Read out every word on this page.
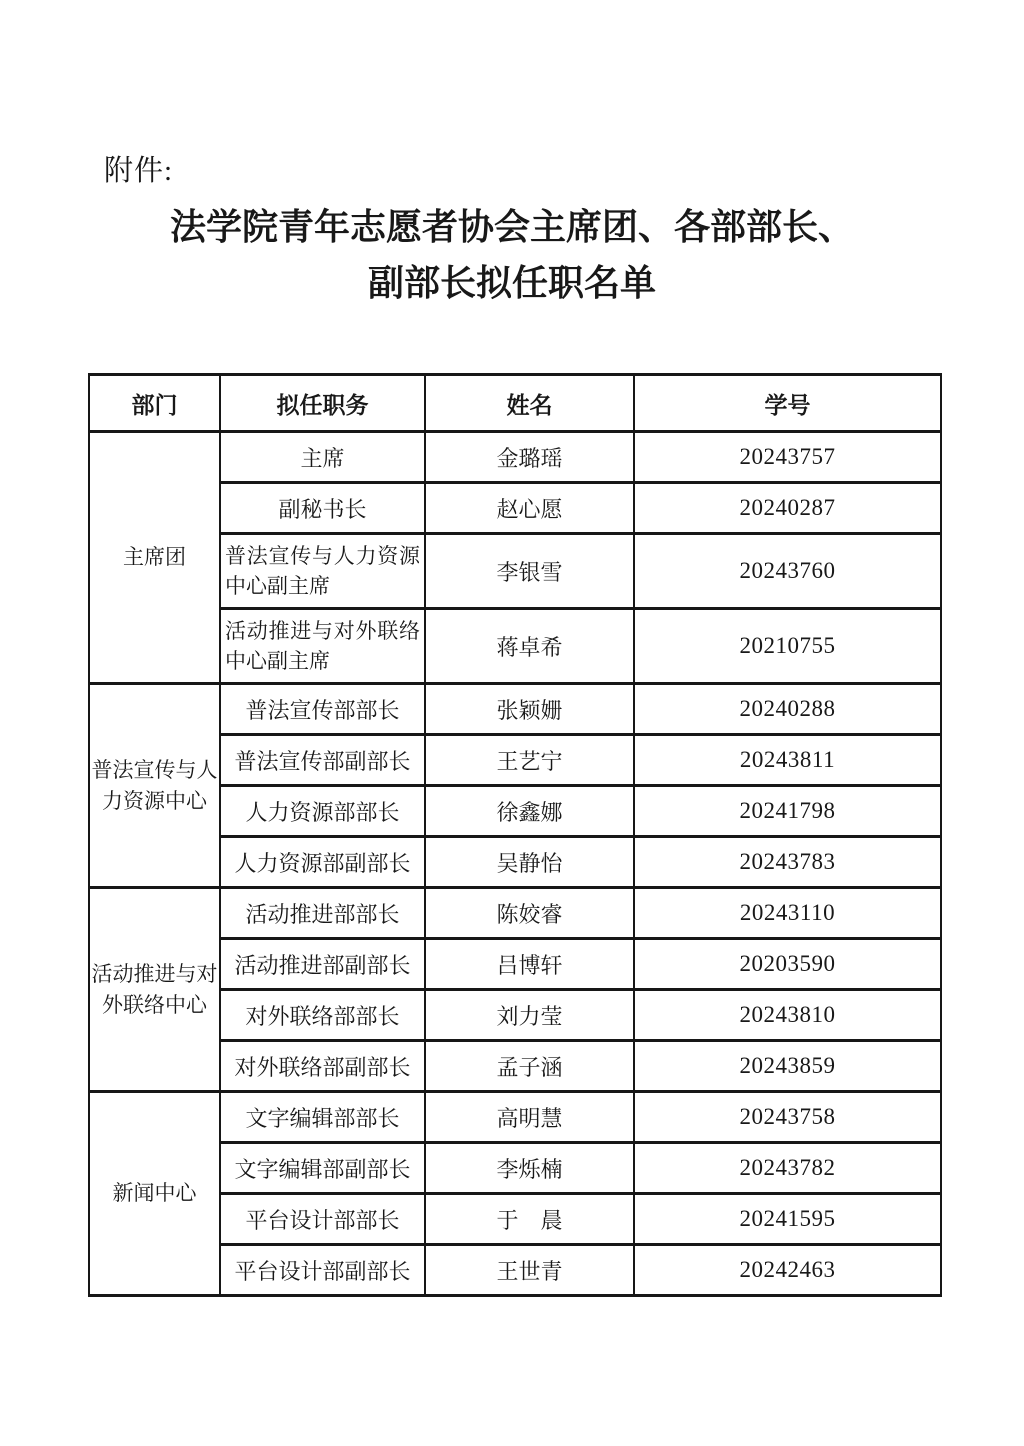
附件:
法学院青年志愿者协会主席团、各部部长、
副部长拟任职名单
部门	拟任职务	姓名	学号
主席团	主席	金璐瑶	20243757
	副秘书长	赵心愿	20240287
	普法宣传与人力资源中心副主席	李银雪	20243760
	活动推进与对外联络中心副主席	蒋卓希	20210755
普法宣传与人力资源中心	普法宣传部部长	张颖姗	20240288
	普法宣传部副部长	王艺宁	20243811
	人力资源部部长	徐鑫娜	20241798
	人力资源部副部长	吴静怡	20243783
活动推进与对外联络中心	活动推进部部长	陈姣睿	20243110
	活动推进部副部长	吕博轩	20203590
	对外联络部部长	刘力莹	20243810
	对外联络部副部长	孟子涵	20243859
新闻中心	文字编辑部部长	高明慧	20243758
	文字编辑部副部长	李烁楠	20243782
	平台设计部部长	于　晨	20241595
	平台设计部副部长	王世青	20242463
